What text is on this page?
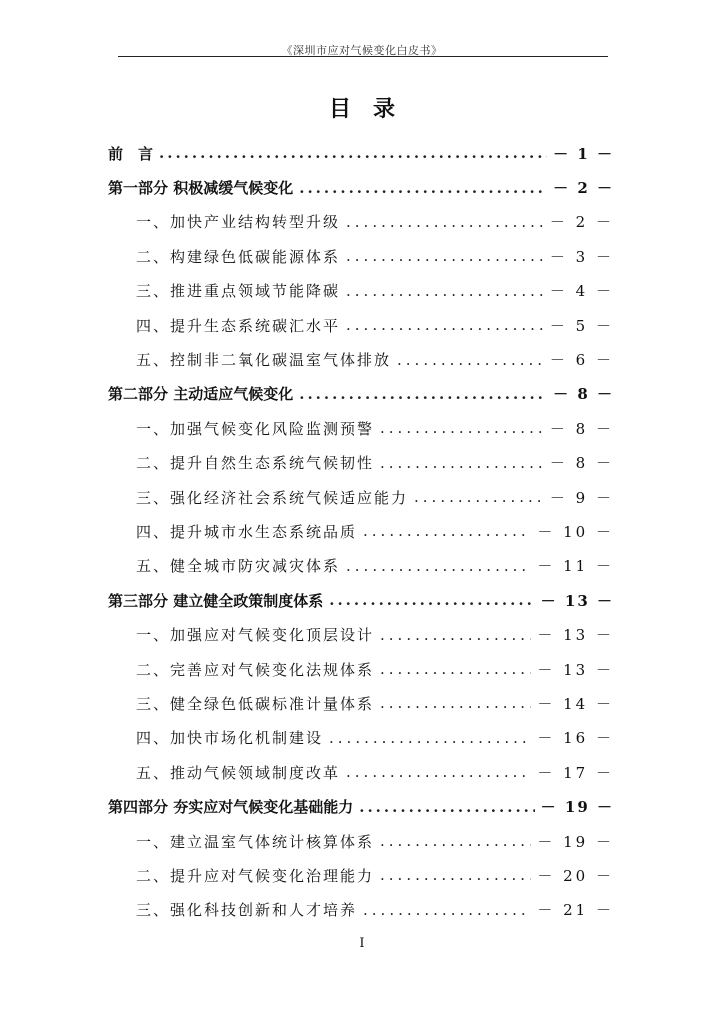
《深圳市应对气候变化白皮书》
目录
前　言 .....	－ 1 －
第一部分 积极减缓气候变化 .....	－ 2 －
一、加快产业结构转型升级 .....	－ 2 －
二、构建绿色低碳能源体系 .....	－ 3 －
三、推进重点领域节能降碳 .....	－ 4 －
四、提升生态系统碳汇水平 .....	－ 5 －
五、控制非二氧化碳温室气体排放 .....	－ 6 －
第二部分 主动适应气候变化 .....	－ 8 －
一、加强气候变化风险监测预警 .....	－ 8 －
二、提升自然生态系统气候韧性 .....	－ 8 －
三、强化经济社会系统气候适应能力 .....	－ 9 －
四、提升城市水生态系统品质 .....	－ 10 －
五、健全城市防灾减灾体系 .....	－ 11 －
第三部分 建立健全政策制度体系 .....	－ 13 －
一、加强应对气候变化顶层设计 .....	－ 13 －
二、完善应对气候变化法规体系 .....	－ 13 －
三、健全绿色低碳标准计量体系 .....	－ 14 －
四、加快市场化机制建设 .....	－ 16 －
五、推动气候领域制度改革 .....	－ 17 －
第四部分 夯实应对气候变化基础能力 .....	－ 19 －
一、建立温室气体统计核算体系 .....	－ 19 －
二、提升应对气候变化治理能力 .....	－ 20 －
三、强化科技创新和人才培养 .....	－ 21 －
I
